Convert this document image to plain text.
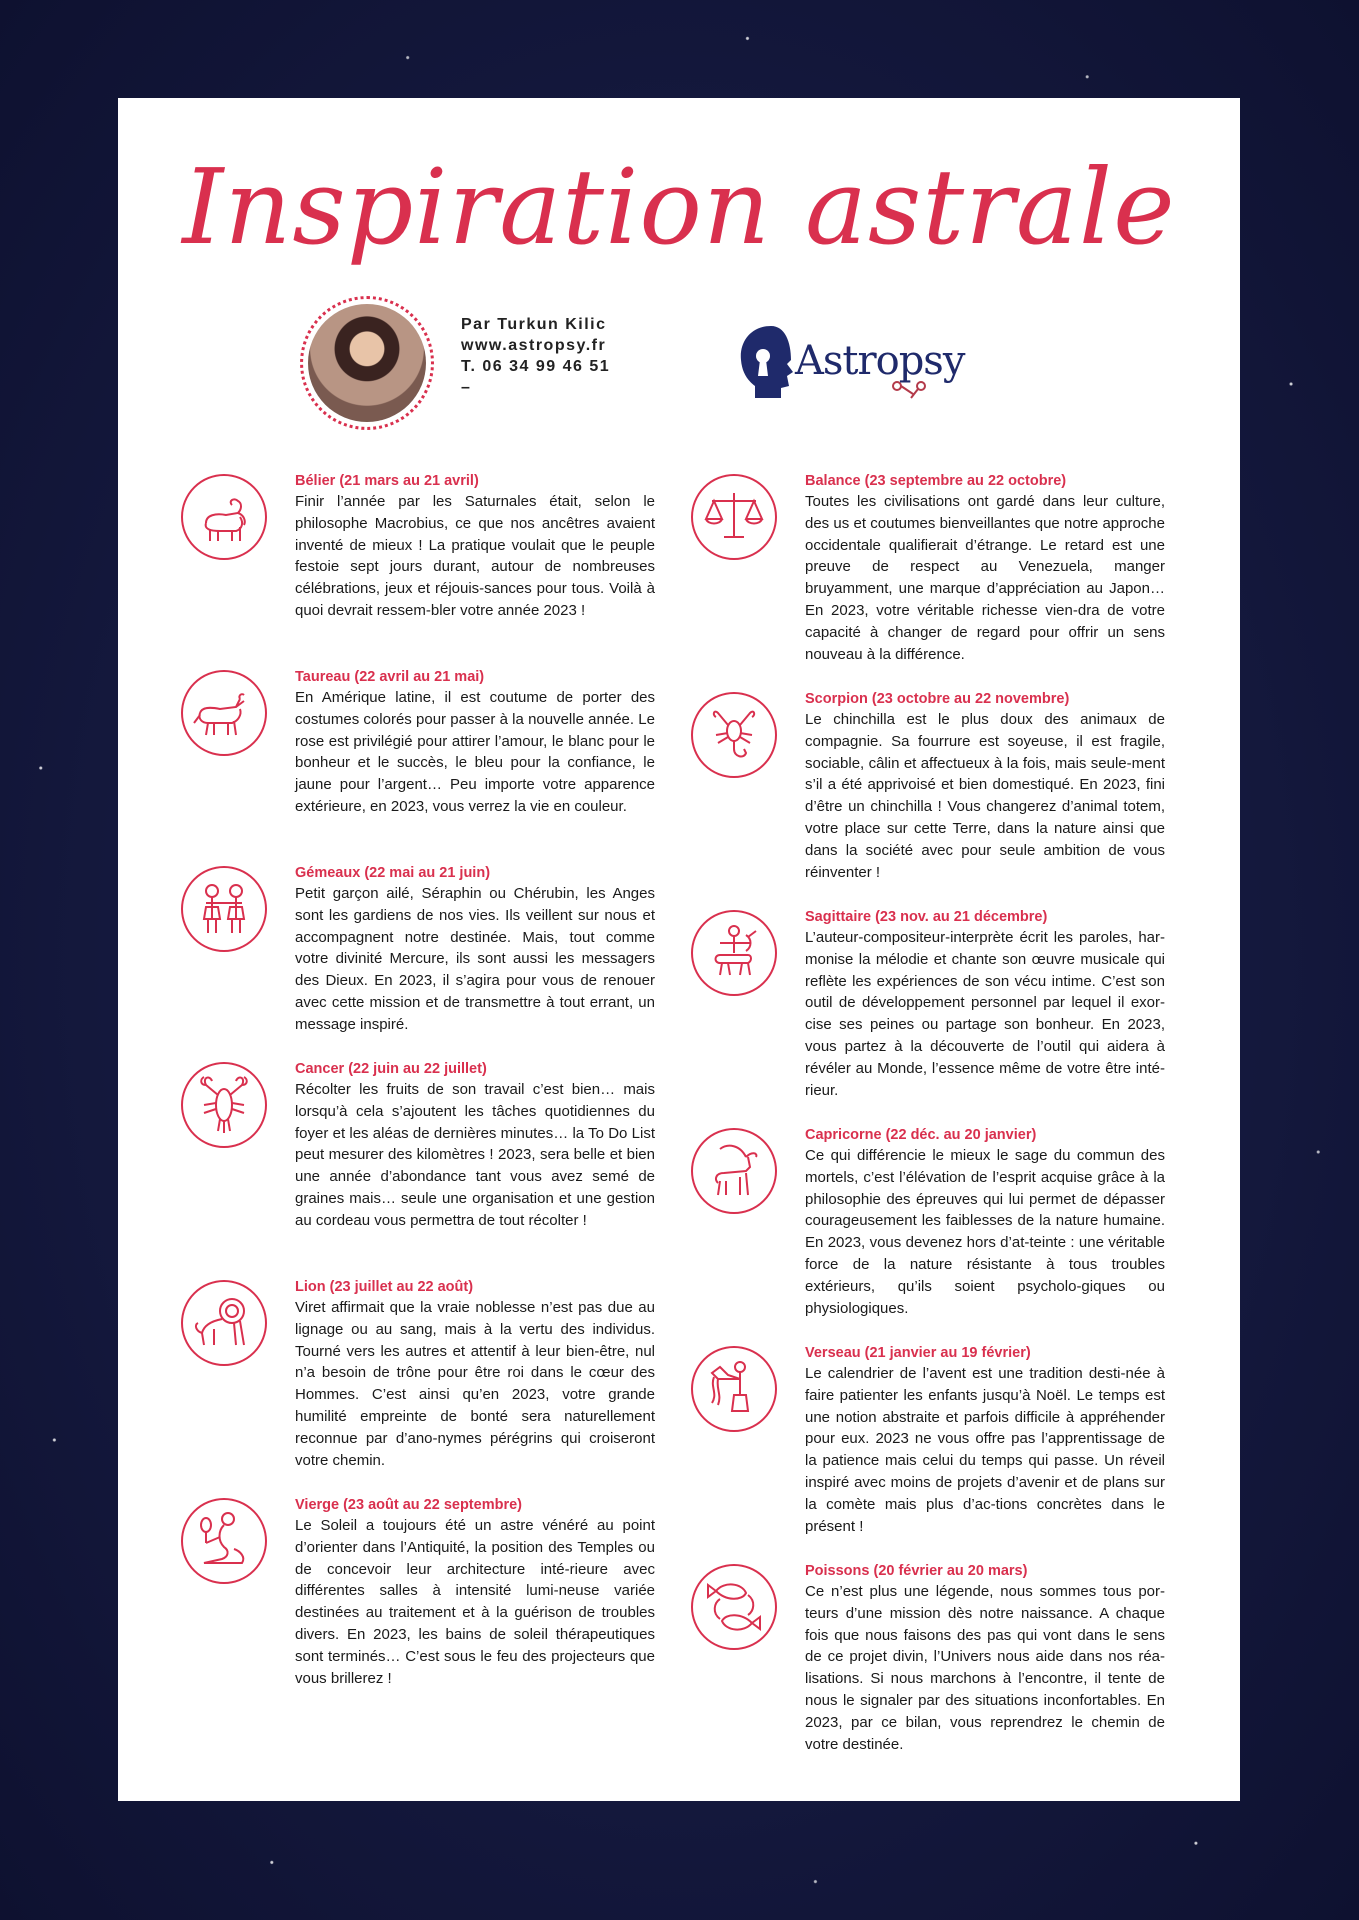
Inspiration astrale
Par Turkun Kilic
www.astropsy.fr
T. 06 34 99 46 51
–
Astropsy

Bélier (21 mars au 21 avril)

Finir l’année par les Saturnales était, selon le philosophe Macrobius, ce que nos ancêtres avaient inventé de mieux ! La pratique voulait que le peuple festoie sept jours durant, autour de nombreuses célébrations, jeux et réjouis-sances pour tous. Voilà à quoi devrait ressem-bler votre année 2023 !

Taureau (22 avril au 21 mai)

En Amérique latine, il est coutume de porter des costumes colorés pour passer à la nouvelle année. Le rose est privilégié pour attirer l’amour, le blanc pour le bonheur et le succès, le bleu pour la confiance, le jaune pour l’argent… Peu importe votre apparence extérieure, en 2023, vous verrez la vie en couleur.

Gémeaux (22 mai au 21 juin)

Petit garçon ailé, Séraphin ou Chérubin, les Anges sont les gardiens de nos vies. Ils veillent sur nous et accompagnent notre destinée. Mais, tout comme votre divinité Mercure, ils sont aussi les messagers des Dieux. En 2023, il s’agira pour vous de renouer avec cette mission et de transmettre à tout errant, un message inspiré.

Cancer (22 juin au 22 juillet)

Récolter les fruits de son travail c’est bien… mais lorsqu’à cela s’ajoutent les tâches quotidiennes du foyer et les aléas de dernières minutes… la To Do List peut mesurer des kilomètres ! 2023, sera belle et bien une année d’abondance tant vous avez semé de graines mais… seule une organisation et une gestion au cordeau vous permettra de tout récolter !

Lion (23 juillet au 22 août)

Viret affirmait que la vraie noblesse n’est pas due au lignage ou au sang, mais à la vertu des individus. Tourné vers les autres et attentif à leur bien-être, nul n’a besoin de trône pour être roi dans le cœur des Hommes. C’est ainsi qu’en 2023, votre grande humilité empreinte de bonté sera naturellement reconnue par d’ano-nymes pérégrins qui croiseront votre chemin.

Vierge (23 août au 22 septembre)

Le Soleil a toujours été un astre vénéré au point d’orienter dans l’Antiquité, la position des Temples ou de concevoir leur architecture inté-rieure avec différentes salles à intensité lumi-neuse variée destinées au traitement et à la guérison de troubles divers. En 2023, les bains de soleil thérapeutiques sont terminés… C’est sous le feu des projecteurs que vous brillerez !

Balance (23 septembre au 22 octobre)

Toutes les civilisations ont gardé dans leur culture, des us et coutumes bienveillantes que notre approche occidentale qualifierait d’étrange. Le retard est une preuve de respect au Venezuela, manger bruyamment, une marque d’appréciation au Japon… En 2023, votre véritable richesse vien-dra de votre capacité à changer de regard pour offrir un sens nouveau à la différence.

Scorpion (23 octobre au 22 novembre)

Le chinchilla est le plus doux des animaux de compagnie. Sa fourrure est soyeuse, il est fragile, sociable, câlin et affectueux à la fois, mais seule-ment s’il a été apprivoisé et bien domestiqué. En 2023, fini d’être un chinchilla ! Vous changerez d’animal totem, votre place sur cette Terre, dans la nature ainsi que dans la société avec pour seule ambition de vous réinventer !

Sagittaire (23 nov. au 21 décembre)

L’auteur-compositeur-interprète écrit les paroles, har-monise la mélodie et chante son œuvre musicale qui reflète les expériences de son vécu intime. C’est son outil de développement personnel par lequel il exor-cise ses peines ou partage son bonheur. En 2023, vous partez à la découverte de l’outil qui aidera à révéler au Monde, l’essence même de votre être inté-rieur.

Capricorne (22 déc. au 20 janvier)

Ce qui différencie le mieux le sage du commun des mortels, c’est l’élévation de l’esprit acquise grâce à la philosophie des épreuves qui lui permet de dépasser courageusement les faiblesses de la nature humaine. En 2023, vous devenez hors d’at-teinte : une véritable force de la nature résistante à tous troubles extérieurs, qu’ils soient psycholo-giques ou physiologiques.

Verseau (21 janvier au 19 février)

Le calendrier de l’avent est une tradition desti-née à faire patienter les enfants jusqu’à Noël. Le temps est une notion abstraite et parfois difficile à appréhender pour eux. 2023 ne vous offre pas l’apprentissage de la patience mais celui du temps qui passe. Un réveil inspiré avec moins de projets d’avenir et de plans sur la comète mais plus d’ac-tions concrètes dans le présent !

Poissons (20 février au 20 mars)

Ce n’est plus une légende, nous sommes tous por-teurs d’une mission dès notre naissance. A chaque fois que nous faisons des pas qui vont dans le sens de ce projet divin, l’Univers nous aide dans nos réa-lisations. Si nous marchons à l’encontre, il tente de nous le signaler par des situations inconfortables. En 2023, par ce bilan, vous reprendrez le chemin de votre destinée.
